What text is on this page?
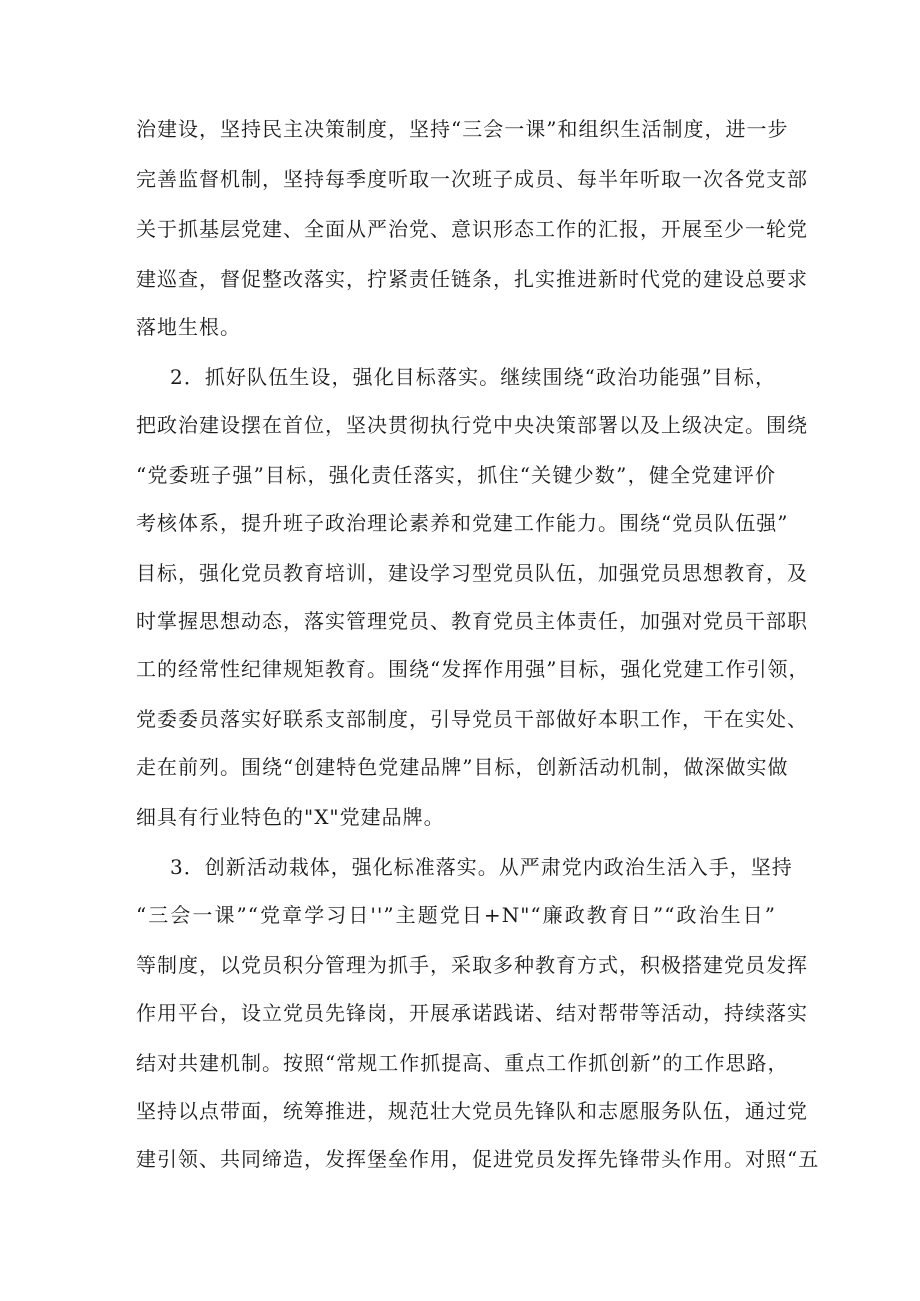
治建设，坚持民主决策制度，坚持“三会一课”和组织生活制度，进一步
完善监督机制，坚持每季度听取一次班子成员、每半年听取一次各党支部
关于抓基层党建、全面从严治党、意识形态工作的汇报，开展至少一轮党
建巡查，督促整改落实，拧紧责任链条，扎实推进新时代党的建设总要求
落地生根。
2．抓好队伍生设，强化目标落实。继续围绕“政治功能强”目标，
把政治建设摆在首位，坚决贯彻执行党中央决策部署以及上级决定。围绕
“党委班子强”目标，强化责任落实，抓住“关键少数”，健全党建评价
考核体系，提升班子政治理论素养和党建工作能力。围绕“党员队伍强”
目标，强化党员教育培训，建设学习型党员队伍，加强党员思想教育，及
时掌握思想动态，落实管理党员、教育党员主体责任，加强对党员干部职
工的经常性纪律规矩教育。围绕“发挥作用强”目标，强化党建工作引领，
党委委员落实好联系支部制度，引导党员干部做好本职工作，干在实处、
走在前列。围绕“创建特色党建品牌”目标，创新活动机制，做深做实做
细具有行业特色的"X"党建品牌。
3．创新活动栽体，强化标准落实。从严肃党内政治生活入手，坚持
“三会一课”“党章学习日''”主题党日+N"“廉政教育日”“政治生日”
等制度，以党员积分管理为抓手，采取多种教育方式，积极搭建党员发挥
作用平台，设立党员先锋岗，开展承诺践诺、结对帮带等活动，持续落实
结对共建机制。按照“常规工作抓提高、重点工作抓创新”的工作思路，
坚持以点带面，统筹推进，规范壮大党员先锋队和志愿服务队伍，通过党
建引领、共同缔造，发挥堡垒作用，促进党员发挥先锋带头作用。对照“五
